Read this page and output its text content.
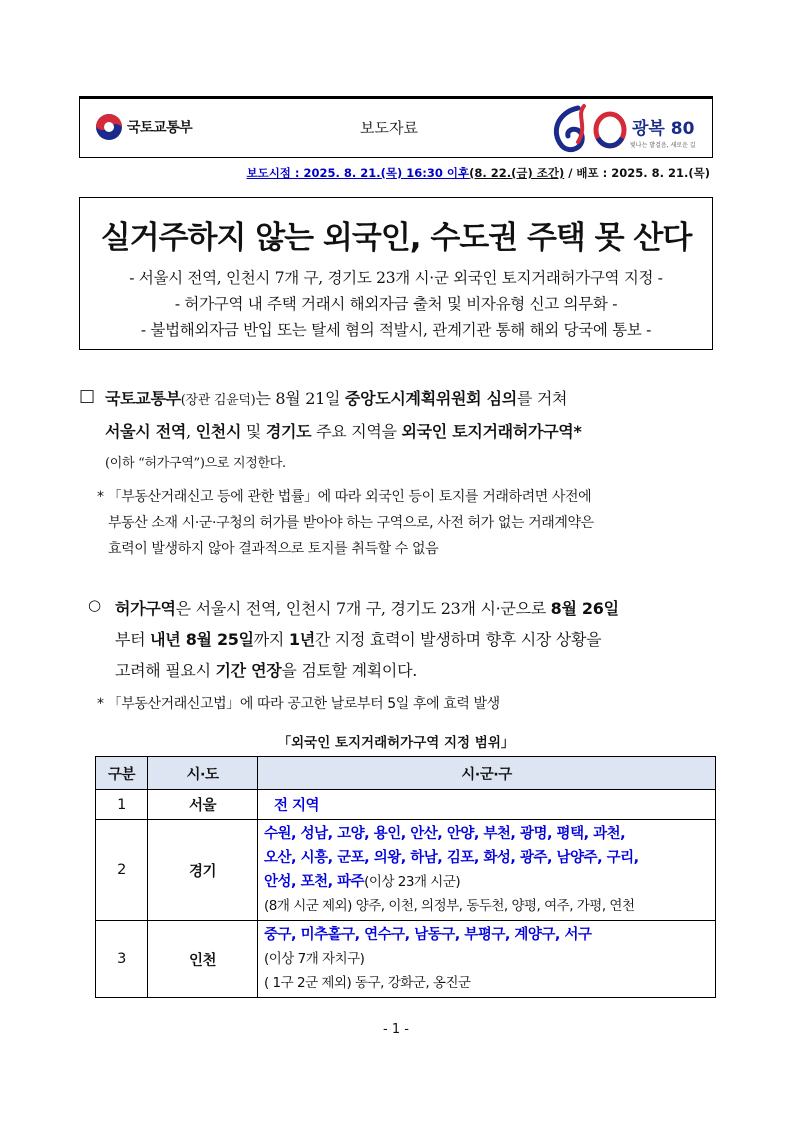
국토교통부	보도자료	광복 80
빛나는 발걸음, 새로운 길
보도시점 : 2025. 8. 21.(목) 16:30 이후(8. 22.(금) 조간) / 배포 : 2025. 8. 21.(목)
실거주하지 않는 외국인, 수도권 주택 못 산다
- 서울시 전역, 인천시 7개 구, 경기도 23개 시·군 외국인 토지거래허가구역 지정 -
- 허가구역 내 주택 거래시 해외자금 출처 및 비자유형 신고 의무화 -
- 불법해외자금 반입 또는 탈세 혐의 적발시, 관계기관 통해 해외 당국에 통보 -
□ 국토교통부(장관 김윤덕)는 8월 21일 중앙도시계획위원회 심의를 거쳐
서울시 전역, 인천시 및 경기도 주요 지역을 외국인 토지거래허가구역*
(이하 “허가구역”)으로 지정한다.
* 「부동산거래신고 등에 관한 법률」에 따라 외국인 등이 토지를 거래하려면 사전에
부동산 소재 시·군·구청의 허가를 받아야 하는 구역으로, 사전 허가 없는 거래계약은
효력이 발생하지 않아 결과적으로 토지를 취득할 수 없음
○ 허가구역은 서울시 전역, 인천시 7개 구, 경기도 23개 시·군으로 8월 26일
부터 내년 8월 25일까지 1년간 지정 효력이 발생하며 향후 시장 상황을
고려해 필요시 기간 연장을 검토할 계획이다.
* 「부동산거래신고법」에 따라 공고한 날로부터 5일 후에 효력 발생
「외국인 토지거래허가구역 지정 범위」
구분	시·도	시·군·구
1	서울	전 지역
2	경기	수원, 성남, 고양, 용인, 안산, 안양, 부천, 광명, 평택, 과천,
오산, 시흥, 군포, 의왕, 하남, 김포, 화성, 광주, 남양주, 구리,
안성, 포천, 파주(이상 23개 시군)
(8개 시군 제외) 양주, 이천, 의정부, 동두천, 양평, 여주, 가평, 연천

3	인천	중구, 미추홀구, 연수구, 남동구, 부평구, 계양구, 서구
(이상 7개 자치구)
( 1구 2군 제외) 동구, 강화군, 옹진군
- 1 -
